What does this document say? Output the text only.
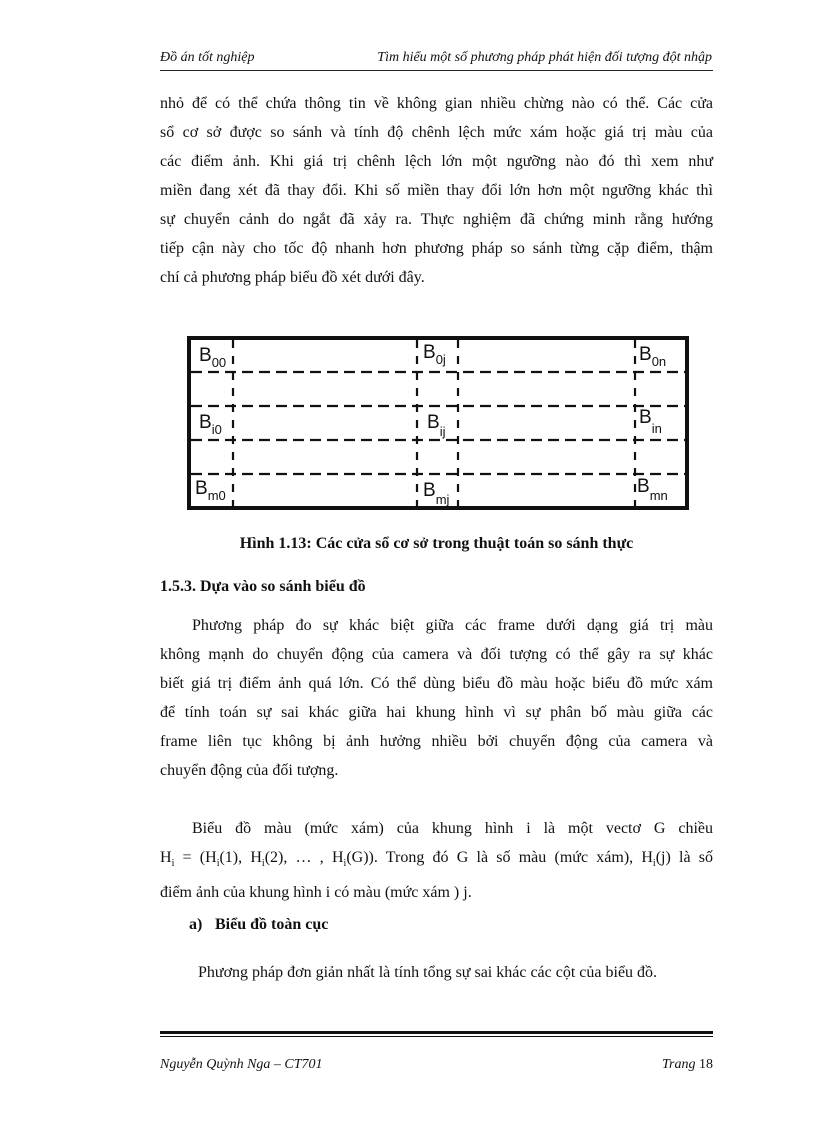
Đồ án tốt nghiệp	Tìm hiểu một số phương pháp phát hiện đối tượng đột nhập
nhỏ để có thể chứa thông tin về không gian nhiều chừng nào có thể. Các cửa
sổ cơ sở được so sánh và tính độ chênh lệch mức xám hoặc giá trị màu của
các điểm ảnh. Khi giá trị chênh lệch lớn một ngưỡng nào đó thì xem như
miền đang xét đã thay đổi. Khi số miền thay đổi lớn hơn một ngưỡng khác thì
sự chuyển cảnh do ngắt đã xảy ra. Thực nghiệm đã chứng minh rằng hướng
tiếp cận này cho tốc độ nhanh hơn phương pháp so sánh từng cặp điểm, thậm
chí cả phương pháp biểu đồ xét dưới đây.
$B_{00}$	$B_{0j}$	$B_{0n}$
$B_{i0}$	$B_{ij}$
$B_{in}$
$B_{m0}$	$B_{mj}$
$B_{mn}$
Hình 1.13: Các cửa sổ cơ sở trong thuật toán so sánh thực
1.5.3. Dựa vào so sánh biểu đồ
Phương pháp đo sự khác biệt giữa các frame dưới dạng giá trị màu
không mạnh do chuyển động của camera và đối tượng có thể gây ra sự khác
biết giá trị điểm ảnh quá lớn. Có thể dùng biểu đồ màu hoặc biểu đồ mức xám
để tính toán sự sai khác giữa hai khung hình vì sự phân bố màu giữa các
frame liên tục không bị ảnh hưởng nhiều bởi chuyển động của camera và
chuyển động của đối tượng.
Biểu đồ màu (mức xám) của khung hình i là một vectơ G chiều
$H_i = (H_i(1)$, $H_i(2)$, … , $H_i(G)$). Trong đó G là số màu (mức xám), $H_i(j)$ là số
điểm ảnh của khung hình i có màu (mức xám ) j.
a) Biểu đồ toàn cục
Phương pháp đơn giản nhất là tính tổng sự sai khác các cột của biểu đồ.
Nguyễn Quỳnh Nga – CT701	Trang 18
